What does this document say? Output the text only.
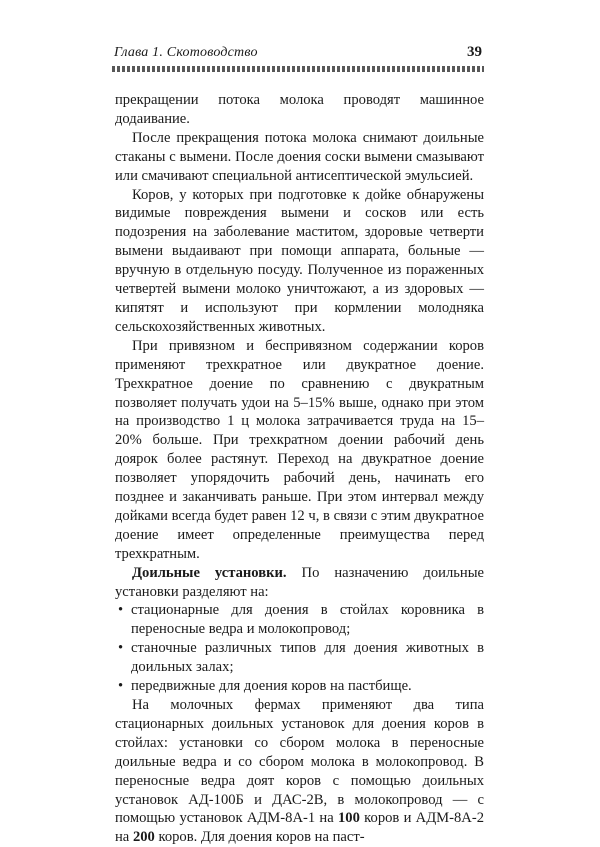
Глава 1. Скотоводство	39

прекращении потока молока проводят машинное додаивание.

После прекращения потока молока снимают доильные стаканы с вымени. После доения соски вымени смазывают или смачивают специальной антисептической эмульсией.

Коров, у которых при подготовке к дойке обнаружены видимые повреждения вымени и сосков или есть подозрения на заболевание маститом, здоровые четверти вымени выдаивают при помощи аппарата, больные — вручную в отдельную посуду. Полученное из пораженных четвертей вымени молоко уничтожают, а из здоровых — кипятят и используют при кормлении молодняка сельскохозяйственных животных.

При привязном и беспривязном содержании коров применяют трехкратное или двукратное доение. Трехкратное доение по сравнению с двукратным позволяет получать удои на 5–15% выше, однако при этом на производство 1 ц молока затрачивается труда на 15–20% больше. При трехкратном доении рабочий день доярок более растянут. Переход на двукратное доение позволяет упорядочить рабочий день, начинать его позднее и заканчивать раньше. При этом интервал между дойками всегда будет равен 12 ч, в связи с этим двукратное доение имеет определенные преимущества перед трехкратным.

Доильные установки. По назначению доильные установки разделяют на:

• стационарные для доения в стойлах коровника в переносные ведра и молокопровод;
• станочные различных типов для доения животных в доильных залах;
• передвижные для доения коров на пастбище.

На молочных фермах применяют два типа стационарных доильных установок для доения коров в стойлах: установки со сбором молока в переносные доильные ведра и со сбором молока в молокопровод. В переносные ведра доят коров с помощью доильных установок АД-100Б и ДАС-2В, в молокопровод — с помощью установок АДМ-8А-1 на 100 коров и АДМ-8А-2 на 200 коров. Для доения коров на паст-
